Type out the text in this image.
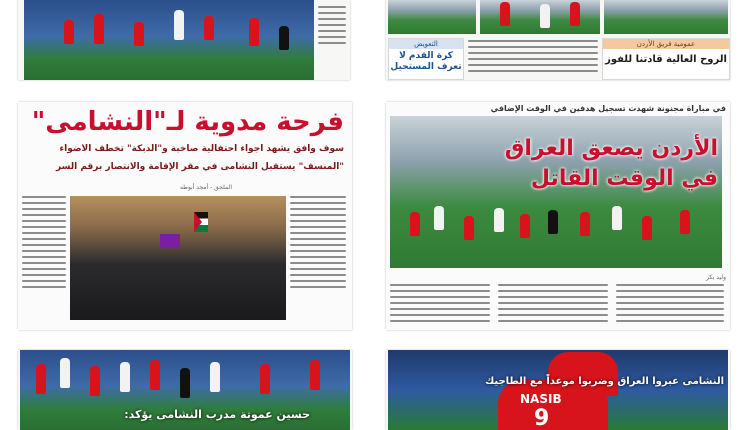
التعويض
كرة القدم لا تعرف المستحيل
عمومية فريق الأردن
الروح العالية قادتنا للفوز
فرحة مدوية لـ"النشامى"
سوف وافق يشهد أجواء احتفالية صاخبة و"الدبكة" تخطف الأضواء
"المنسف" يستقبل النشامى في مقر الإقامة والانتصار برقم السر
الملحق - أمجد أبوطه
في مباراة مجنونة شهدت تسجيل هدفين في الوقت الإضافي
الأردن يصعق العراق
في الوقت القاتل
وليد بكر
حسين عموتة مدرب النشامى يؤكد:
NASIB
9
النشامى عبروا العراق وضربوا موعداً مع الطاجيك
